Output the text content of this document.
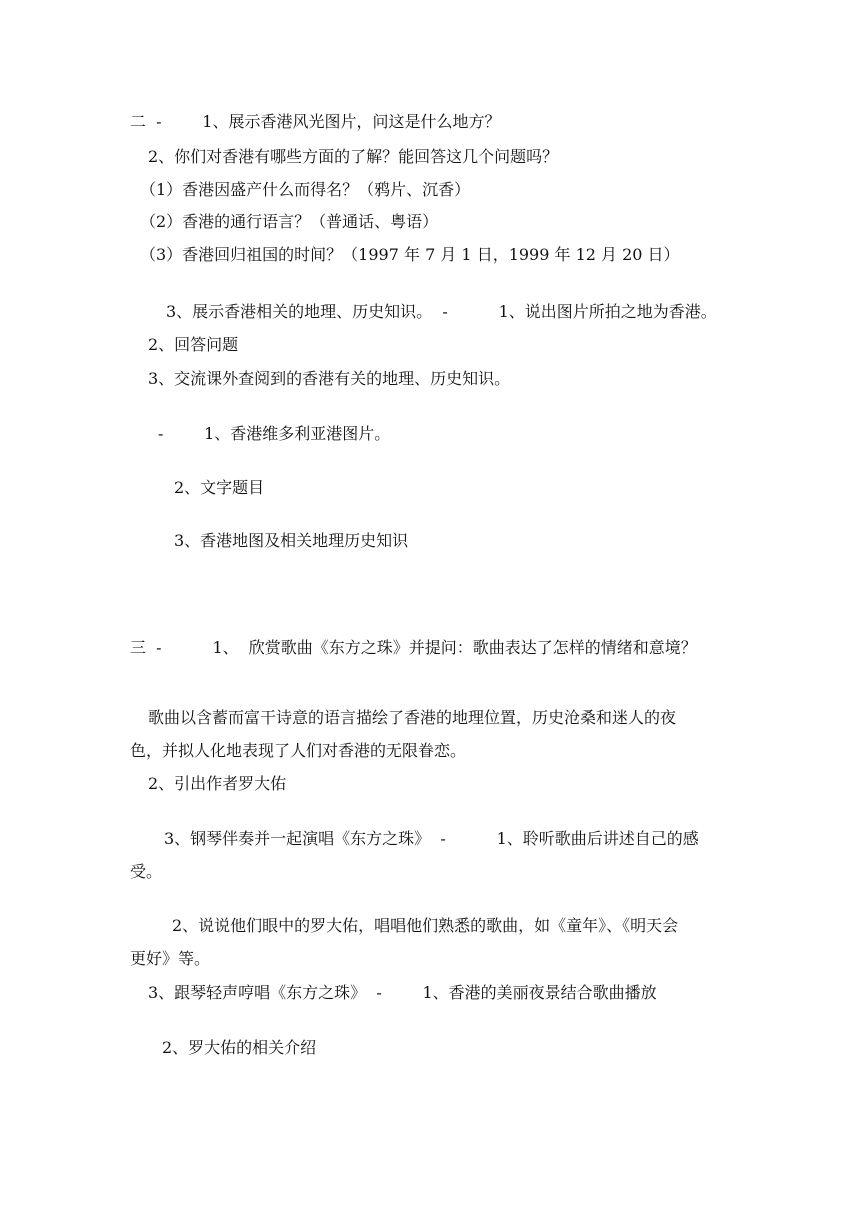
二  -        1、展示香港风光图片，问这是什么地方？

2、你们对香港有哪些方面的了解？能回答这几个问题吗？

（1）香港因盛产什么而得名？（鸦片、沉香）

（2）香港的通行语言？（普通话、粤语）

（3）香港回归祖国的时间？（1997 年 7 月 1 日，1999 年 12 月 20 日）

3、展示香港相关的地理、历史知识。  -          1、说出图片所拍之地为香港。

2、回答问题

3、交流课外查阅到的香港有关的地理、历史知识。

-        1、香港维多利亚港图片。

2、文字题目

3、香港地图及相关地理历史知识

三  -          1、  欣赏歌曲《东方之珠》并提问：歌曲表达了怎样的情绪和意境？

歌曲以含蓄而富干诗意的语言描绘了香港的地理位置，历史沧桑和迷人的夜

色，并拟人化地表现了人们对香港的无限眷恋。

2、引出作者罗大佑

3、钢琴伴奏并一起演唱《东方之珠》  -          1、聆听歌曲后讲述自己的感

受。

2、说说他们眼中的罗大佑，唱唱他们熟悉的歌曲，如《童年》、《明天会

更好》等。

3、跟琴轻声哼唱《东方之珠》  -        1、香港的美丽夜景结合歌曲播放

2、罗大佑的相关介绍
